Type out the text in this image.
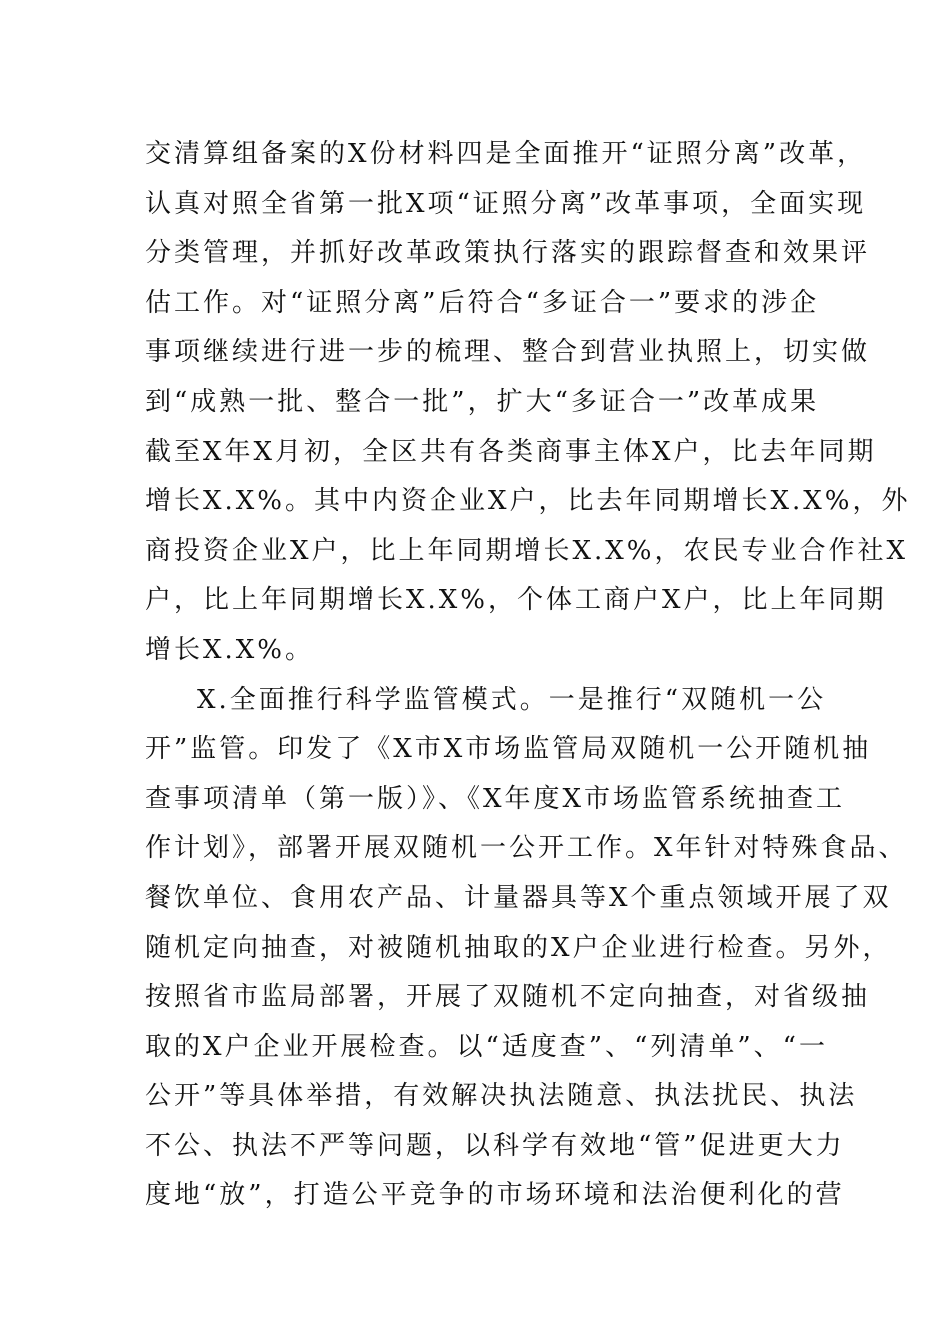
交清算组备案的X份材料四是全面推开“证照分离”改革，
认真对照全省第一批X项“证照分离”改革事项，全面实现
分类管理，并抓好改革政策执行落实的跟踪督查和效果评
估工作。对“证照分离”后符合“多证合一”要求的涉企
事项继续进行进一步的梳理、整合到营业执照上，切实做
到“成熟一批、整合一批”，扩大“多证合一”改革成果
截至X年X月初，全区共有各类商事主体X户，比去年同期
增长X.X%。其中内资企业X户，比去年同期增长X.X%，外
商投资企业X户，比上年同期增长X.X%，农民专业合作社X
户，比上年同期增长X.X%，个体工商户X户，比上年同期
增长X.X%。
X.全面推行科学监管模式。一是推行“双随机一公
开”监管。印发了《X市X市场监管局双随机一公开随机抽
查事项清单（第一版）》、《X年度X市场监管系统抽查工
作计划》，部署开展双随机一公开工作。X年针对特殊食品、
餐饮单位、食用农产品、计量器具等X个重点领域开展了双
随机定向抽查，对被随机抽取的X户企业进行检查。另外，
按照省市监局部署，开展了双随机不定向抽查，对省级抽
取的X户企业开展检查。以“适度查”、“列清单”、“一
公开”等具体举措，有效解决执法随意、执法扰民、执法
不公、执法不严等问题，以科学有效地“管”促进更大力
度地“放”，打造公平竞争的市场环境和法治便利化的营
